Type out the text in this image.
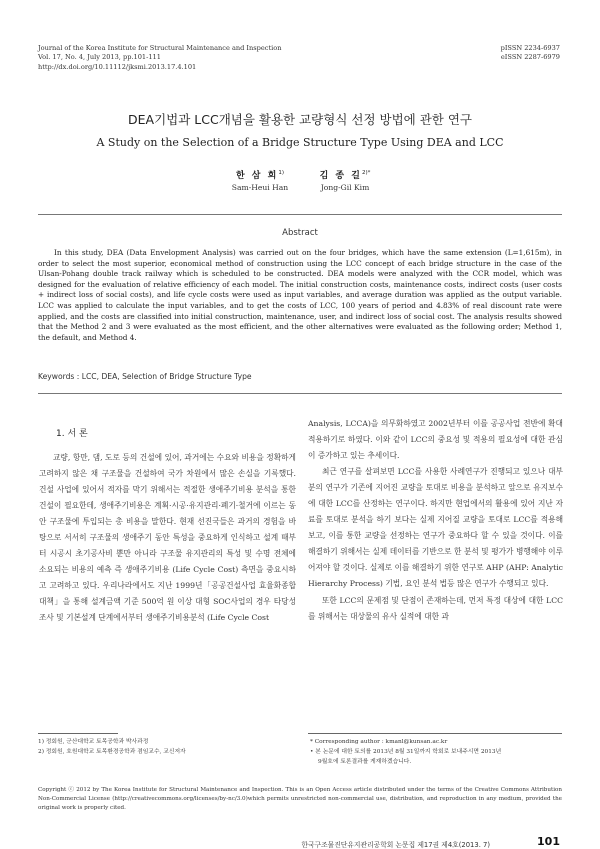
Journal of the Korea Institute for Structural Maintenance and Inspection
Vol. 17, No. 4, July 2013, pp.101-111
http://dx.doi.org/10.11112/jksmi.2013.17.4.101
pISSN 2234-6937
eISSN 2287-6979
DEA기법과 LCC개념을 활용한 교량형식 선정 방법에 관한 연구
A Study on the Selection of a Bridge Structure Type Using DEA and LCC
한 삼 희$^{1)}$
Sam-Heui Han
김 종 길$^{2)*}$
Jong-Gil Kim
Abstract
In this study, DEA (Data Envelopment Analysis) was carried out on the four bridges, which have the same extension (L=1,615m), in order to select the most superior, economical method of construction using the LCC concept of each bridge structure in the case of the Ulsan-Pohang double track railway which is scheduled to be constructed. DEA models were analyzed with the CCR model, which was designed for the evaluation of relative efficiency of each model. The initial construction costs, maintenance costs, indirect costs (user costs + indirect loss of social costs), and life cycle costs were used as input variables, and average duration was applied as the output variable. LCC was applied to calculate the input variables, and to get the costs of LCC, 100 years of period and 4.83% of real discount rate were applied, and the costs are classified into initial construction, maintenance, user, and indirect loss of social cost. The analysis results showed that the Method 2 and 3 were evaluated as the most efficient, and the other alternatives were evaluated as the following order; Method 1, the default, and Method 4.
Keywords : LCC, DEA, Selection of Bridge Structure Type
1. 서 론

교량, 항만, 댐, 도로 등의 건설에 있어, 과거에는 수요와 비용을 정확하게 고려하지 않은 채 구조물을 건설하여 국가 차원에서 많은 손실을 기록했다. 건설 사업에 있어서 적자를 막기 위해서는 적절한 생애주기비용 분석을 통한 건설이 필요한데, 생애주기비용은 계획·시공·유지관리·폐기·철거에 이르는 동안 구조물에 투입되는 총 비용을 말한다. 현재 선진국들은 과거의 경험을 바탕으로 서서히 구조물의 생애주기 동안 특성을 중요하게 인식하고 설계 때부터 시공시 초기공사비 뿐만 아니라 구조물 유지관리의 특성 및 수명 전체에 소요되는 비용의 예측 즉 생애주기비용 (Life Cycle Cost) 측면을 중요시하고 고려하고 있다. 우리나라에서도 지난 1999년「공공건설사업 효율화종합대책」을 통해 설계금액 기준 500억 원 이상 대형 SOC사업의 경우 타당성 조사 및 기본설계 단계에서부터 생애주기비용분석 (Life Cycle Cost

Analysis, LCCA)을 의무화하였고 2002년부터 이를 공공사업 전반에 확대 적용하기로 하였다. 이와 같이 LCC의 중요성 및 적용의 필요성에 대한 관심이 증가하고 있는 추세이다.

최근 연구를 살펴보면 LCC를 사용한 사례연구가 진행되고 있으나 대부분의 연구가 기존에 지어진 교량을 토대로 비용을 분석하고 앞으로 유지보수에 대한 LCC를 산정하는 연구이다. 하지만 현업에서의 활용에 있어 지난 자료를 토대로 분석을 하기 보다는 실제 지어질 교량을 토대로 LCC를 적용해보고, 이를 통한 교량을 선정하는 연구가 중요하다 할 수 있을 것이다. 이를 해결하기 위해서는 실제 데이터를 기반으로 한 분석 및 평가가 병행해야 이루어져야 할 것이다. 실제로 이를 해결하기 위한 연구로 AHP (AHP: Analytic Hierarchy Process) 기법, 요인 분석 법등 많은 연구가 수행되고 있다.

또한 LCC의 문제점 및 단점이 존재하는데, 먼저 특정 대상에 대한 LCC를 위해서는 대상물의 유사 실적에 대한 과

1) 정회원, 군산대학교 토목공학과 박사과정
2) 정회원, 호원대학교 토목환경공학과 겸임교수, 교신저자
* Corresponding author : kmanl@kunsan.ac.kr
• 본 논문에 대한 토의를 2013년 8월 31일까지 학회로 보내주시면 2013년
9월호에 토론결과를 게재하겠습니다.
Copyright ⓒ 2012 by The Korea Institute for Structural Maintenance and Inspection. This is an Open Access article distributed under the terms of the Creative Commons Attribution Non-Commercial License (http://creativecommons.org/licenses/by-nc/3.0)which permits unrestricted non-commercial use, distribution, and reproduction in any medium, provided the original work is properly cited.
한국구조물진단유지관리공학회 논문집 제17권 제4호(2013. 7)	101
